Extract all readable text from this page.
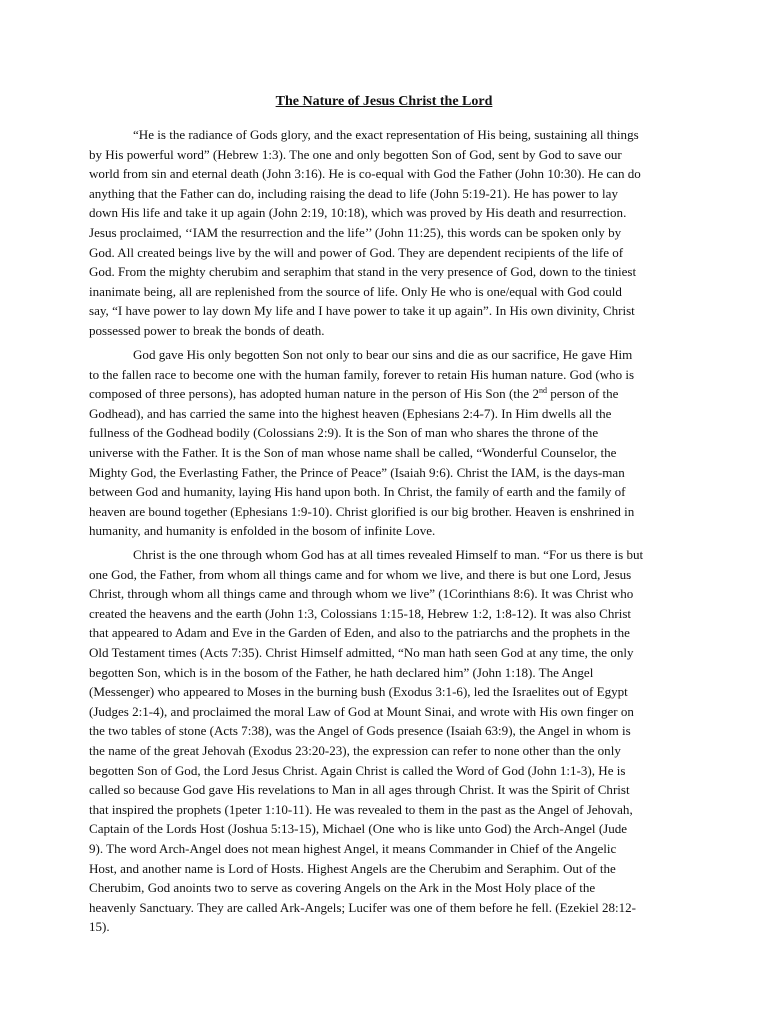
The Nature of Jesus Christ the Lord
“He is the radiance of Gods glory, and the exact representation of His being, sustaining all things
by His powerful word” (Hebrew 1:3). The one and only begotten Son of God, sent by God to save our
world from sin and eternal death (John 3:16). He is co-equal with God the Father (John 10:30). He can do
anything that the Father can do, including raising the dead to life (John 5:19-21). He has power to lay
down His life and take it up again (John 2:19, 10:18), which was proved by His death and resurrection.
Jesus proclaimed, ‘‘IAM the resurrection and the life’’ (John 11:25), this words can be spoken only by
God. All created beings live by the will and power of God. They are dependent recipients of the life of
God. From the mighty cherubim and seraphim that stand in the very presence of God, down to the tiniest
inanimate being, all are replenished from the source of life. Only He who is one/equal with God could
say, “I have power to lay down My life and I have power to take it up again”. In His own divinity, Christ
possessed power to break the bonds of death.
God gave His only begotten Son not only to bear our sins and die as our sacrifice, He gave Him
to the fallen race to become one with the human family, forever to retain His human nature. God (who is
composed of three persons), has adopted human nature in the person of His Son (the 2nd person of the
Godhead), and has carried the same into the highest heaven (Ephesians 2:4-7). In Him dwells all the
fullness of the Godhead bodily (Colossians 2:9). It is the Son of man who shares the throne of the
universe with the Father. It is the Son of man whose name shall be called, “Wonderful Counselor, the
Mighty God, the Everlasting Father, the Prince of Peace” (Isaiah 9:6). Christ the IAM, is the days-man
between God and humanity, laying His hand upon both. In Christ, the family of earth and the family of
heaven are bound together (Ephesians 1:9-10). Christ glorified is our big brother. Heaven is enshrined in
humanity, and humanity is enfolded in the bosom of infinite Love.
Christ is the one through whom God has at all times revealed Himself to man. “For us there is but
one God, the Father, from whom all things came and for whom we live, and there is but one Lord, Jesus
Christ, through whom all things came and through whom we live” (1Corinthians 8:6). It was Christ who
created the heavens and the earth (John 1:3, Colossians 1:15-18, Hebrew 1:2, 1:8-12). It was also Christ
that appeared to Adam and Eve in the Garden of Eden, and also to the patriarchs and the prophets in the
Old Testament times (Acts 7:35). Christ Himself admitted, “No man hath seen God at any time, the only
begotten Son, which is in the bosom of the Father, he hath declared him” (John 1:18). The Angel
(Messenger) who appeared to Moses in the burning bush (Exodus 3:1-6), led the Israelites out of Egypt
(Judges 2:1-4), and proclaimed the moral Law of God at Mount Sinai, and wrote with His own finger on
the two tables of stone (Acts 7:38), was the Angel of Gods presence (Isaiah 63:9), the Angel in whom is
the name of the great Jehovah (Exodus 23:20-23), the expression can refer to none other than the only
begotten Son of God, the Lord Jesus Christ. Again Christ is called the Word of God (John 1:1-3), He is
called so because God gave His revelations to Man in all ages through Christ. It was the Spirit of Christ
that inspired the prophets (1peter 1:10-11). He was revealed to them in the past as the Angel of Jehovah,
Captain of the Lords Host (Joshua 5:13-15), Michael (One who is like unto God) the Arch-Angel (Jude
9). The word Arch-Angel does not mean highest Angel, it means Commander in Chief of the Angelic
Host, and another name is Lord of Hosts. Highest Angels are the Cherubim and Seraphim. Out of the
Cherubim, God anoints two to serve as covering Angels on the Ark in the Most Holy place of the
heavenly Sanctuary. They are called Ark-Angels; Lucifer was one of them before he fell. (Ezekiel 28:12-
15).
